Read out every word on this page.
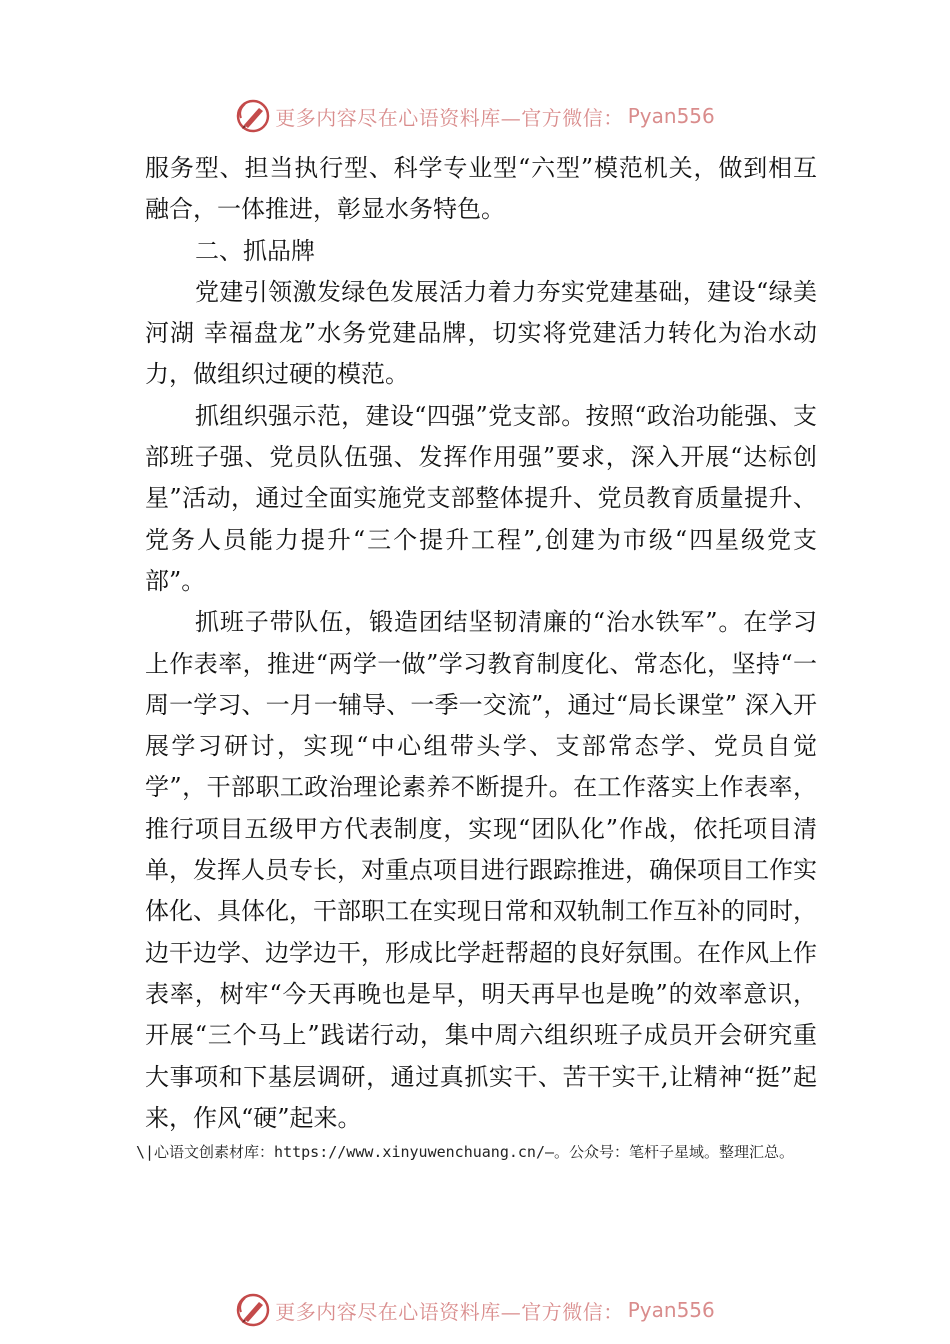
更多内容尽在心语资料库—官方微信： Pyan556

服务型、担当执行型、科学专业型“六型”模范机关，做到相互融合，一体推进，彰显水务特色。

二、抓品牌

党建引领激发绿色发展活力着力夯实党建基础，建设“绿美河湖 幸福盘龙”水务党建品牌，切实将党建活力转化为治水动力，做组织过硬的模范。

抓组织强示范，建设“四强”党支部。按照“政治功能强、支部班子强、党员队伍强、发挥作用强”要求，深入开展“达标创星”活动，通过全面实施党支部整体提升、党员教育质量提升、党务人员能力提升“三个提升工程”,创建为市级“四星级党支部”。

抓班子带队伍，锻造团结坚韧清廉的“治水铁军”。在学习上作表率，推进“两学一做”学习教育制度化、常态化，坚持“一周一学习、一月一辅导、一季一交流”，通过“局长课堂” 深入开展学习研讨，实现“中心组带头学、支部常态学、党员自觉学”，干部职工政治理论素养不断提升。在工作落实上作表率，推行项目五级甲方代表制度，实现“团队化”作战，依托项目清单，发挥人员专长，对重点项目进行跟踪推进，确保项目工作实体化、具体化，干部职工在实现日常和双轨制工作互补的同时，边干边学、边学边干，形成比学赶帮超的良好氛围。在作风上作表率，树牢“今天再晚也是早，明天再早也是晚”的效率意识，开展“三个马上”践诺行动，集中周六组织班子成员开会研究重大事项和下基层调研，通过真抓实干、苦干实干,让精神“挺”起来，作风“硬”起来。

\|心语文创素材库：https://www.xinyuwenchuang.cn/—。公众号：笔杆子星域。整理汇总。
更多内容尽在心语资料库—官方微信： Pyan556
